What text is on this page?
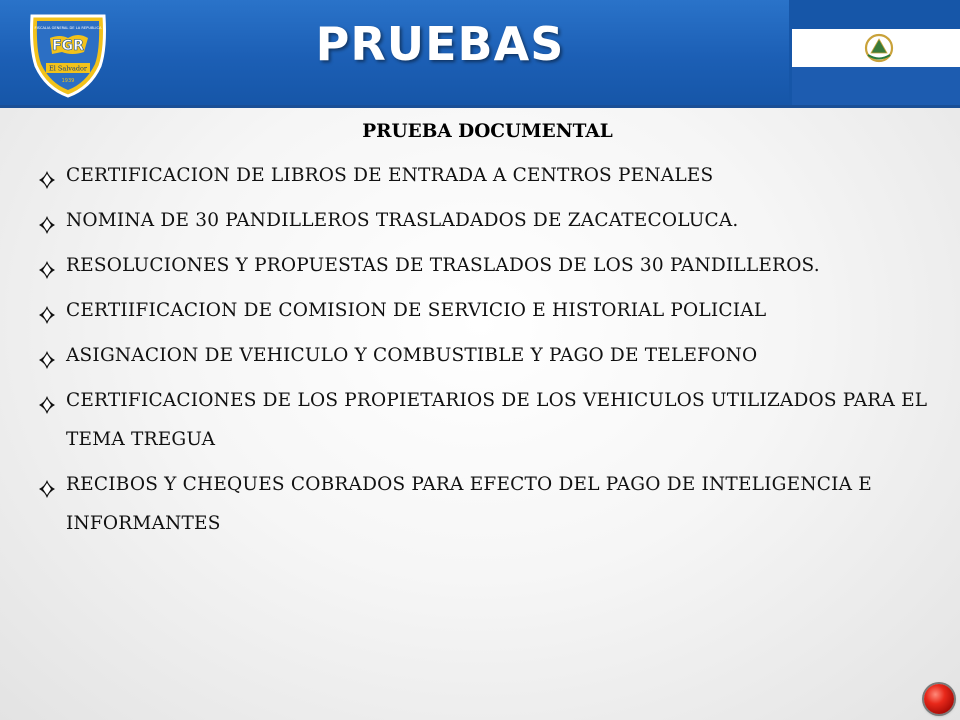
FISCALIA GENERAL DE LA REPUBLICA
FGR
El Salvador
1939
PRUEBAS
PRUEBA DOCUMENTAL
CERTIFICACION DE LIBROS DE ENTRADA A CENTROS PENALES
NOMINA DE 30 PANDILLEROS TRASLADADOS DE ZACATECOLUCA.
RESOLUCIONES Y PROPUESTAS DE TRASLADOS DE LOS 30 PANDILLEROS.
CERTIIFICACION DE COMISION DE SERVICIO E HISTORIAL POLICIAL
ASIGNACION DE VEHICULO Y COMBUSTIBLE Y PAGO DE TELEFONO
CERTIFICACIONES DE LOS PROPIETARIOS DE LOS VEHICULOS UTILIZADOS PARA EL TEMA TREGUA
RECIBOS Y CHEQUES COBRADOS PARA EFECTO DEL PAGO DE INTELIGENCIA E INFORMANTES
